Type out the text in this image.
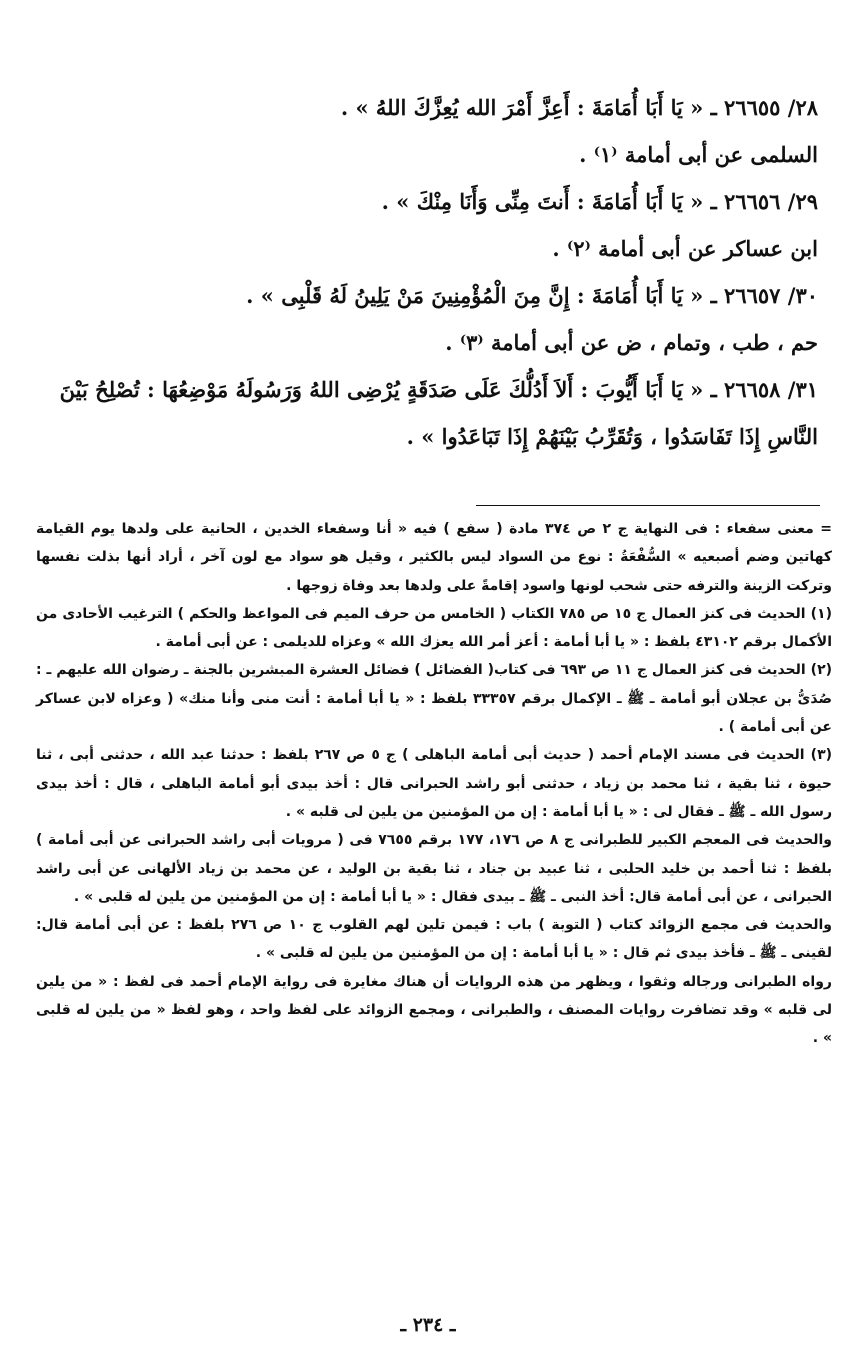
٢٨/ ٢٦٦٥٥ ـ « يَا أَبَا أُمَامَةَ : أَعِزَّ أَمْرَ الله يُعِزَّكَ اللهُ » .

السلمى عن أبى أمامة ⁽١⁾ .

٢٩/ ٢٦٦٥٦ ـ « يَا أَبَا أُمَامَةَ : أَنتَ مِنِّى وَأَنَا مِنْكَ » .

ابن عساكر عن أبى أمامة ⁽٢⁾ .

٣٠/ ٢٦٦٥٧ ـ « يَا أَبَا أُمَامَةَ : إِنَّ مِنَ الْمُؤْمِنِينَ مَنْ يَلِينُ لَهُ قَلْبِى » .

حم ، طب ، وتمام ، ض عن أبى أمامة ⁽٣⁾ .

٣١/ ٢٦٦٥٨ ـ « يَا أَبَا أَيُّوبَ : أَلاَ أَدُلُّكَ عَلَى صَدَقَةٍ يُرْضِى اللهُ وَرَسُولَهُ مَوْضِعُهَا : تُصْلِحُ بَيْنَ النَّاسِ إِذَا تَفَاسَدُوا ، وَتُقَرِّبُ بَيْنَهُمْ إِذَا تَبَاعَدُوا » .

= معنى سفعاء : فى النهاية ج ٢ ص ٣٧٤ مادة ( سفع ) فيه « أنا وسفعاء الخدين ، الحانية على ولدها يوم القيامة كهاتين وضم أصبعيه » السُّفْعَةُ : نوع من السواد ليس بالكثير ، وقيل هو سواد مع لون آخر ، أراد أنها بذلت نفسها وتركت الزينة والترفه حتى شحب لونها واسود إقامةً على ولدها بعد وفاة زوجها .

(١) الحديث فى كنز العمال ج ١٥ ص ٧٨٥ الكتاب ( الخامس من حرف الميم فى المواعظ والحكم ) الترغيب الأحادى من الأكمال برقم ٤٣١٠٢ بلفظ : « يا أبا أمامة : أعز أمر الله يعزك الله » وعزاه للديلمى : عن أبى أمامة .

(٢) الحديث فى كنز العمال ج ١١ ص ٦٩٣ فى كتاب( الفضائل ) فضائل العشرة المبشرين بالجنة ـ رضوان الله عليهم ـ : صُدَىُّ بن عجلان أبو أمامة ـ ﷺ ـ الإكمال برقم ٣٣٣٥٧ بلفظ : « يا أبا أمامة : أنت منى وأنا منك» ( وعزاه لابن عساكر عن أبى أمامة ) .

(٣) الحديث فى مسند الإمام أحمد ( حديث أبى أمامة الباهلى ) ج ٥ ص ٢٦٧ بلفظ : حدثنا عبد الله ، حدثنى أبى ، ثنا حيوة ، ثنا بقية ، ثنا محمد بن زياد ، حدثنى أبو راشد الحبرانى قال : أخذ بيدى أبو أمامة الباهلى ، قال : أخذ بيدى رسول الله ـ ﷺ ـ فقال لى : « يا أبا أمامة : إن من المؤمنين من يلين لى قلبه » .

والحديث فى المعجم الكبير للطبرانى ج ٨ ص ١٧٦، ١٧٧ برقم ٧٦٥٥ فى ( مرويات أبى راشد الحبرانى عن أبى أمامة ) بلفظ : ثنا أحمد بن خليد الحلبى ، ثنا عبيد بن جناد ، ثنا بقية بن الوليد ، عن محمد بن زياد الألهانى عن أبى راشد الحبرانى ، عن أبى أمامة قال: أخذ النبى ـ ﷺ ـ بيدى فقال : « يا أبا أمامة : إن من المؤمنين من يلين له قلبى » .

والحديث فى مجمع الزوائد كتاب ( التوبة ) باب : فيمن تلين لهم القلوب ج ١٠ ص ٢٧٦ بلفظ : عن أبى أمامة قال: لقينى ـ ﷺ ـ فأخذ بيدى ثم قال : « يا أبا أمامة : إن من المؤمنين من يلين له قلبى » .

رواه الطبرانى ورجاله وثقوا ، ويظهر من هذه الروايات أن هناك مغايرة فى رواية الإمام أحمد فى لفظ : « من يلين لى قلبه » وقد تضافرت روايات المصنف ، والطبرانى ، ومجمع الزوائد على لفظ واحد ، وهو لفظ « من يلين له قلبى » .

ـ ٢٣٤ ـ
